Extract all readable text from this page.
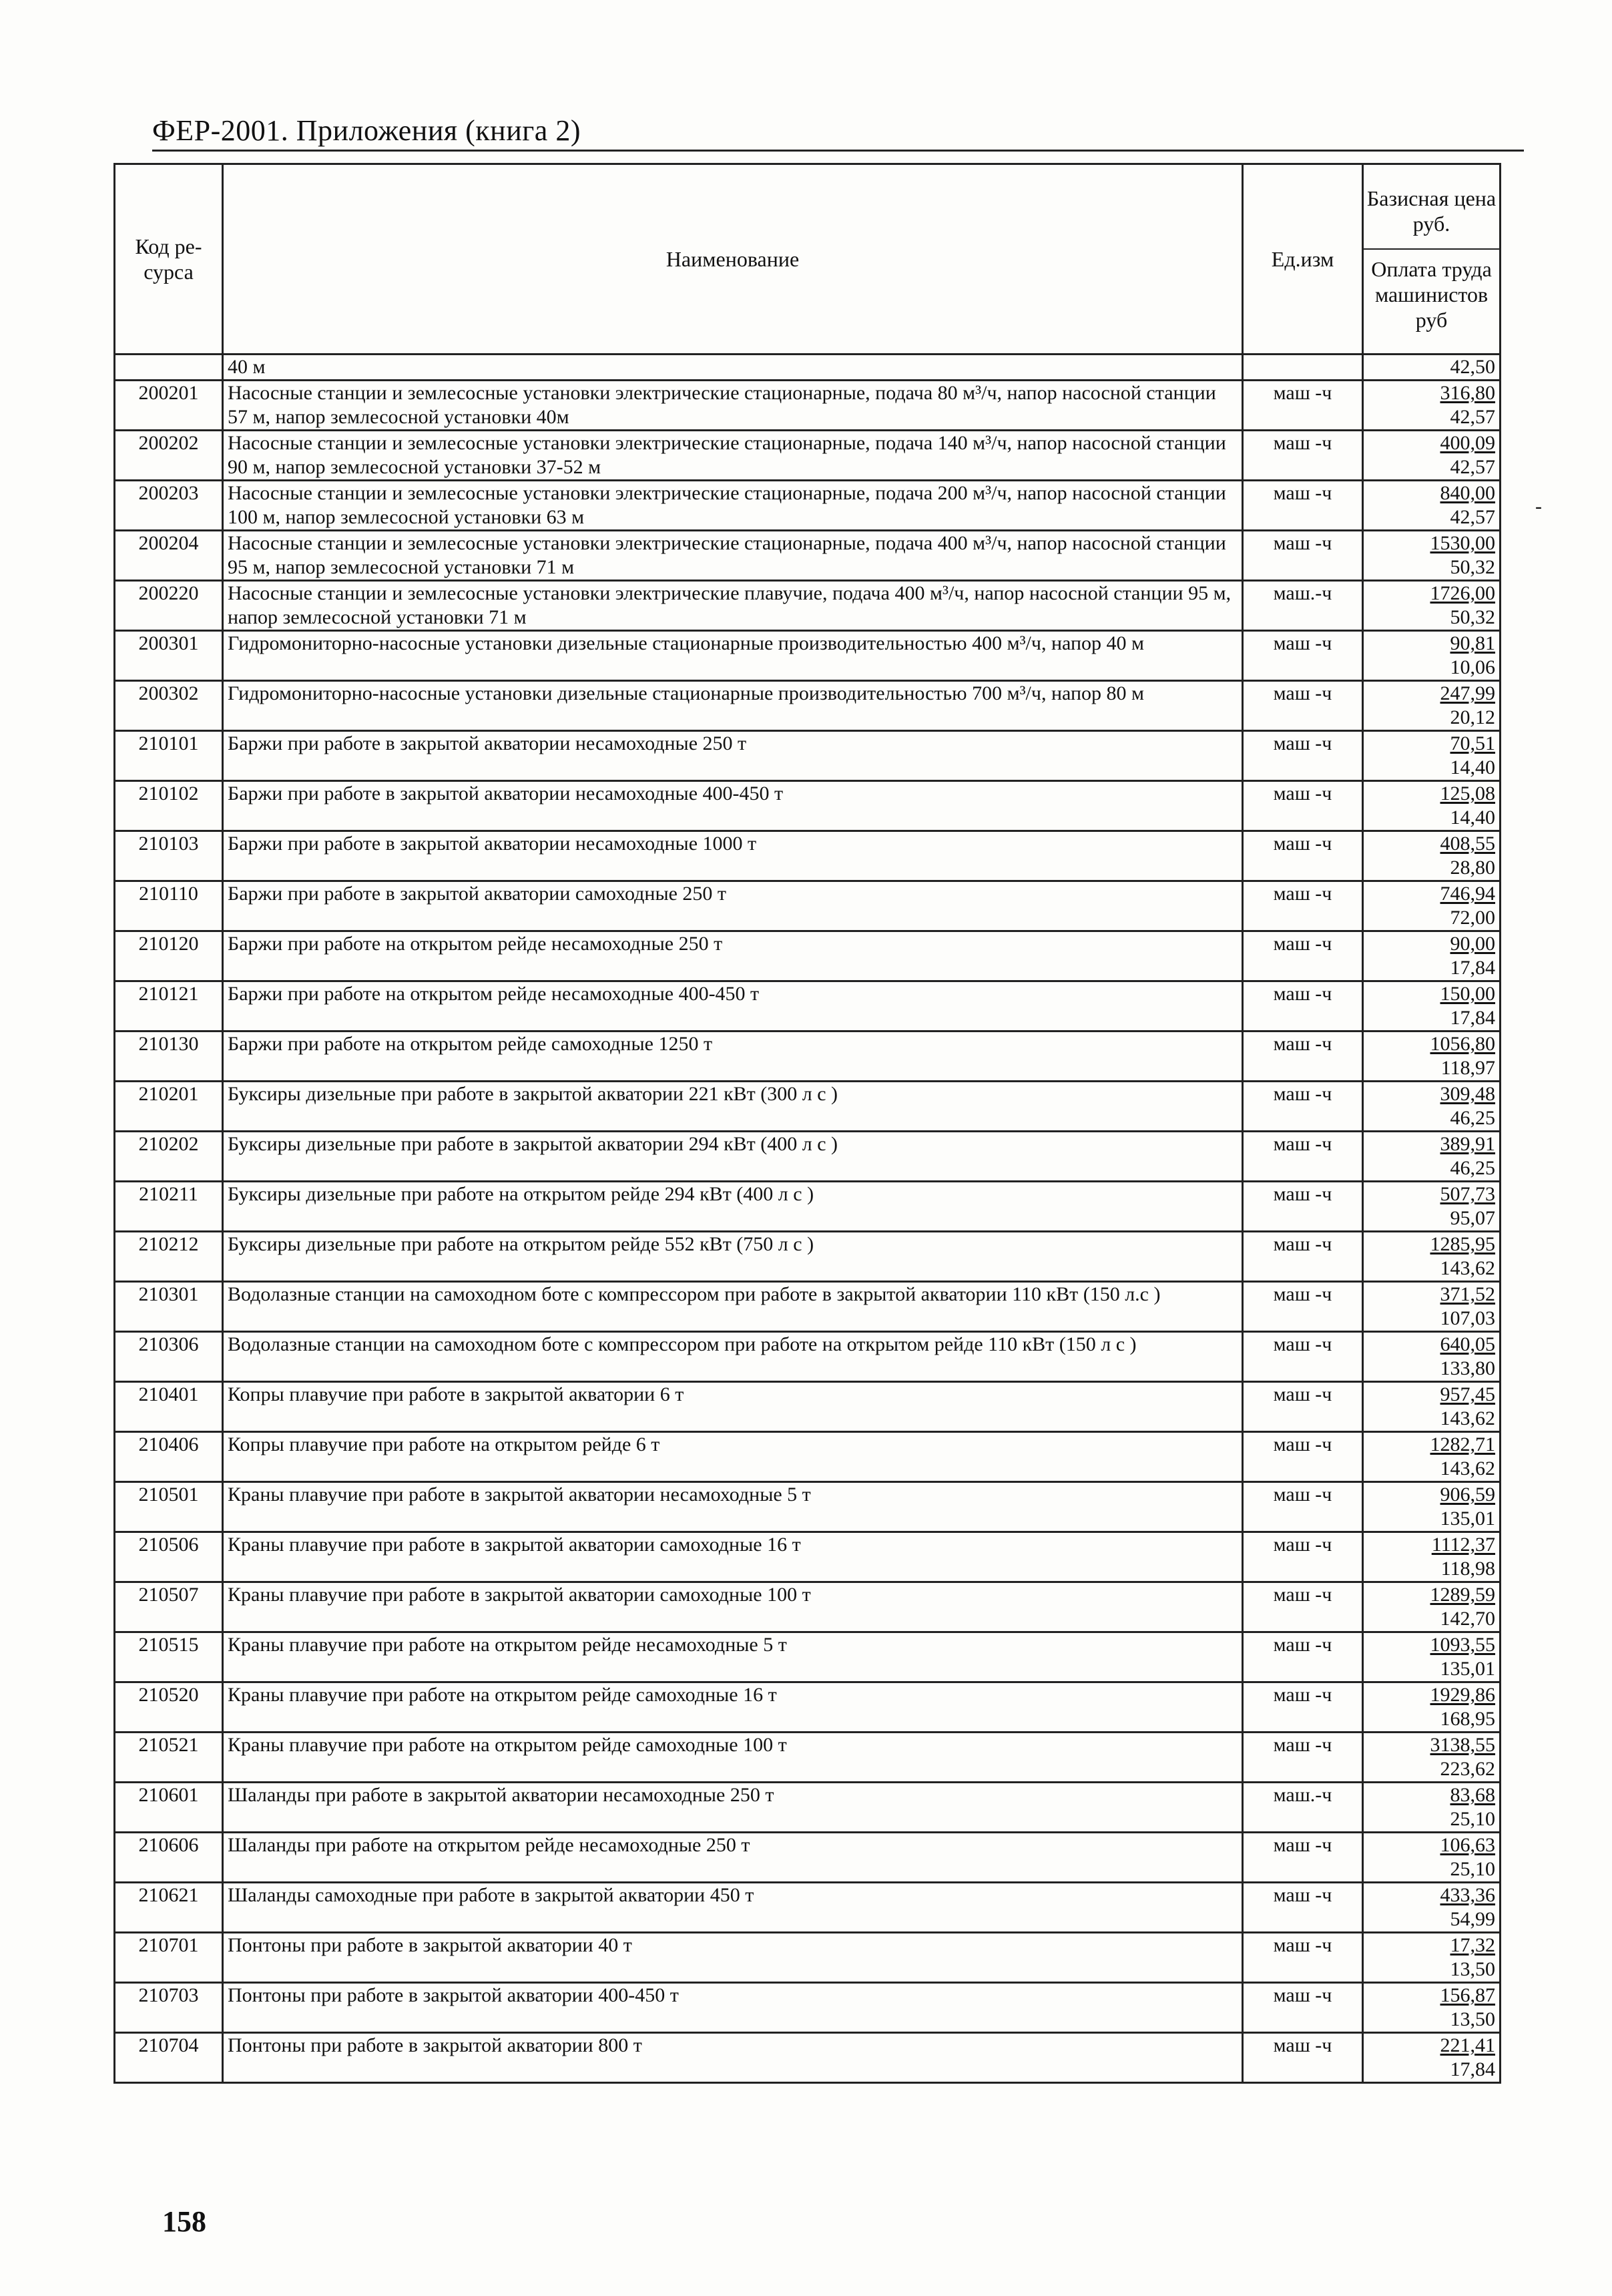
ФЕР-2001. Приложения (книга 2)
Код ре-сурса	Наименование	Ед.изм	Базисная цена руб.
Оплата труда машинистов руб

	40 м		42,50
200201	Насосные станции и землесосные установки электрические стационарные, подача 80 м³/ч, напор насосной станции 57 м, напор землесосной установки 40м	маш -ч	316,80
42,57

200202	Насосные станции и землесосные установки электрические стационарные, подача 140 м³/ч, напор насосной станции 90 м, напор землесосной установки 37-52 м	маш -ч	400,09
42,57

200203	Насосные станции и землесосные установки электрические стационарные, подача 200 м³/ч, напор насосной станции 100 м, напор землесосной установки 63 м	маш -ч	840,00
42,57

200204	Насосные станции и землесосные установки электрические стационарные, подача 400 м³/ч, напор насосной станции 95 м, напор землесосной установки 71 м	маш -ч	1530,00
50,32

200220	Насосные станции и землесосные установки электрические плавучие, подача 400 м³/ч, напор насосной станции 95 м, напор землесосной установки 71 м	маш.-ч	1726,00
50,32

200301	Гидромониторно-насосные установки дизельные стационарные производительностью 400 м³/ч, напор 40 м	маш -ч	90,81
10,06

200302	Гидромониторно-насосные установки дизельные стационарные производительностью 700 м³/ч, напор 80 м	маш -ч	247,99
20,12

210101	Баржи при работе в закрытой акватории несамоходные 250 т	маш -ч	70,51
14,40

210102	Баржи при работе в закрытой акватории несамоходные 400-450 т	маш -ч	125,08
14,40

210103	Баржи при работе в закрытой акватории несамоходные 1000 т	маш -ч	408,55
28,80

210110	Баржи при работе в закрытой акватории самоходные 250 т	маш -ч	746,94
72,00

210120	Баржи при работе на открытом рейде несамоходные 250 т	маш -ч	90,00
17,84

210121	Баржи при работе на открытом рейде несамоходные 400-450 т	маш -ч	150,00
17,84

210130	Баржи при работе на открытом рейде самоходные 1250 т	маш -ч	1056,80
118,97

210201	Буксиры дизельные при работе в закрытой акватории 221 кВт (300 л с )	маш -ч	309,48
46,25

210202	Буксиры дизельные при работе в закрытой акватории 294 кВт (400 л с )	маш -ч	389,91
46,25

210211	Буксиры дизельные при работе на открытом рейде 294 кВт (400 л с )	маш -ч	507,73
95,07

210212	Буксиры дизельные при работе на открытом рейде 552 кВт (750 л с )	маш -ч	1285,95
143,62

210301	Водолазные станции на самоходном боте с компрессором при работе в закрытой акватории 110 кВт (150 л.с )	маш -ч	371,52
107,03

210306	Водолазные станции на самоходном боте с компрессором при работе на открытом рейде 110 кВт (150 л с )	маш -ч	640,05
133,80

210401	Копры плавучие при работе в закрытой акватории 6 т	маш -ч	957,45
143,62

210406	Копры плавучие при работе на открытом рейде 6 т	маш -ч	1282,71
143,62

210501	Краны плавучие при работе в закрытой акватории несамоходные 5 т	маш -ч	906,59
135,01

210506	Краны плавучие при работе в закрытой акватории самоходные 16 т	маш -ч	1112,37
118,98

210507	Краны плавучие при работе в закрытой акватории самоходные 100 т	маш -ч	1289,59
142,70

210515	Краны плавучие при работе на открытом рейде несамоходные 5 т	маш -ч	1093,55
135,01

210520	Краны плавучие при работе на открытом рейде самоходные 16 т	маш -ч	1929,86
168,95

210521	Краны плавучие при работе на открытом рейде самоходные 100 т	маш -ч	3138,55
223,62

210601	Шаланды при работе в закрытой акватории несамоходные 250 т	маш.-ч	83,68
25,10

210606	Шаланды при работе на открытом рейде несамоходные 250 т	маш -ч	106,63
25,10

210621	Шаланды самоходные при работе в закрытой акватории 450 т	маш -ч	433,36
54,99

210701	Понтоны при работе в закрытой акватории 40 т	маш -ч	17,32
13,50

210703	Понтоны при работе в закрытой акватории 400-450 т	маш -ч	156,87
13,50

210704	Понтоны при работе в закрытой акватории 800 т	маш -ч	221,41
17,84
-
158
